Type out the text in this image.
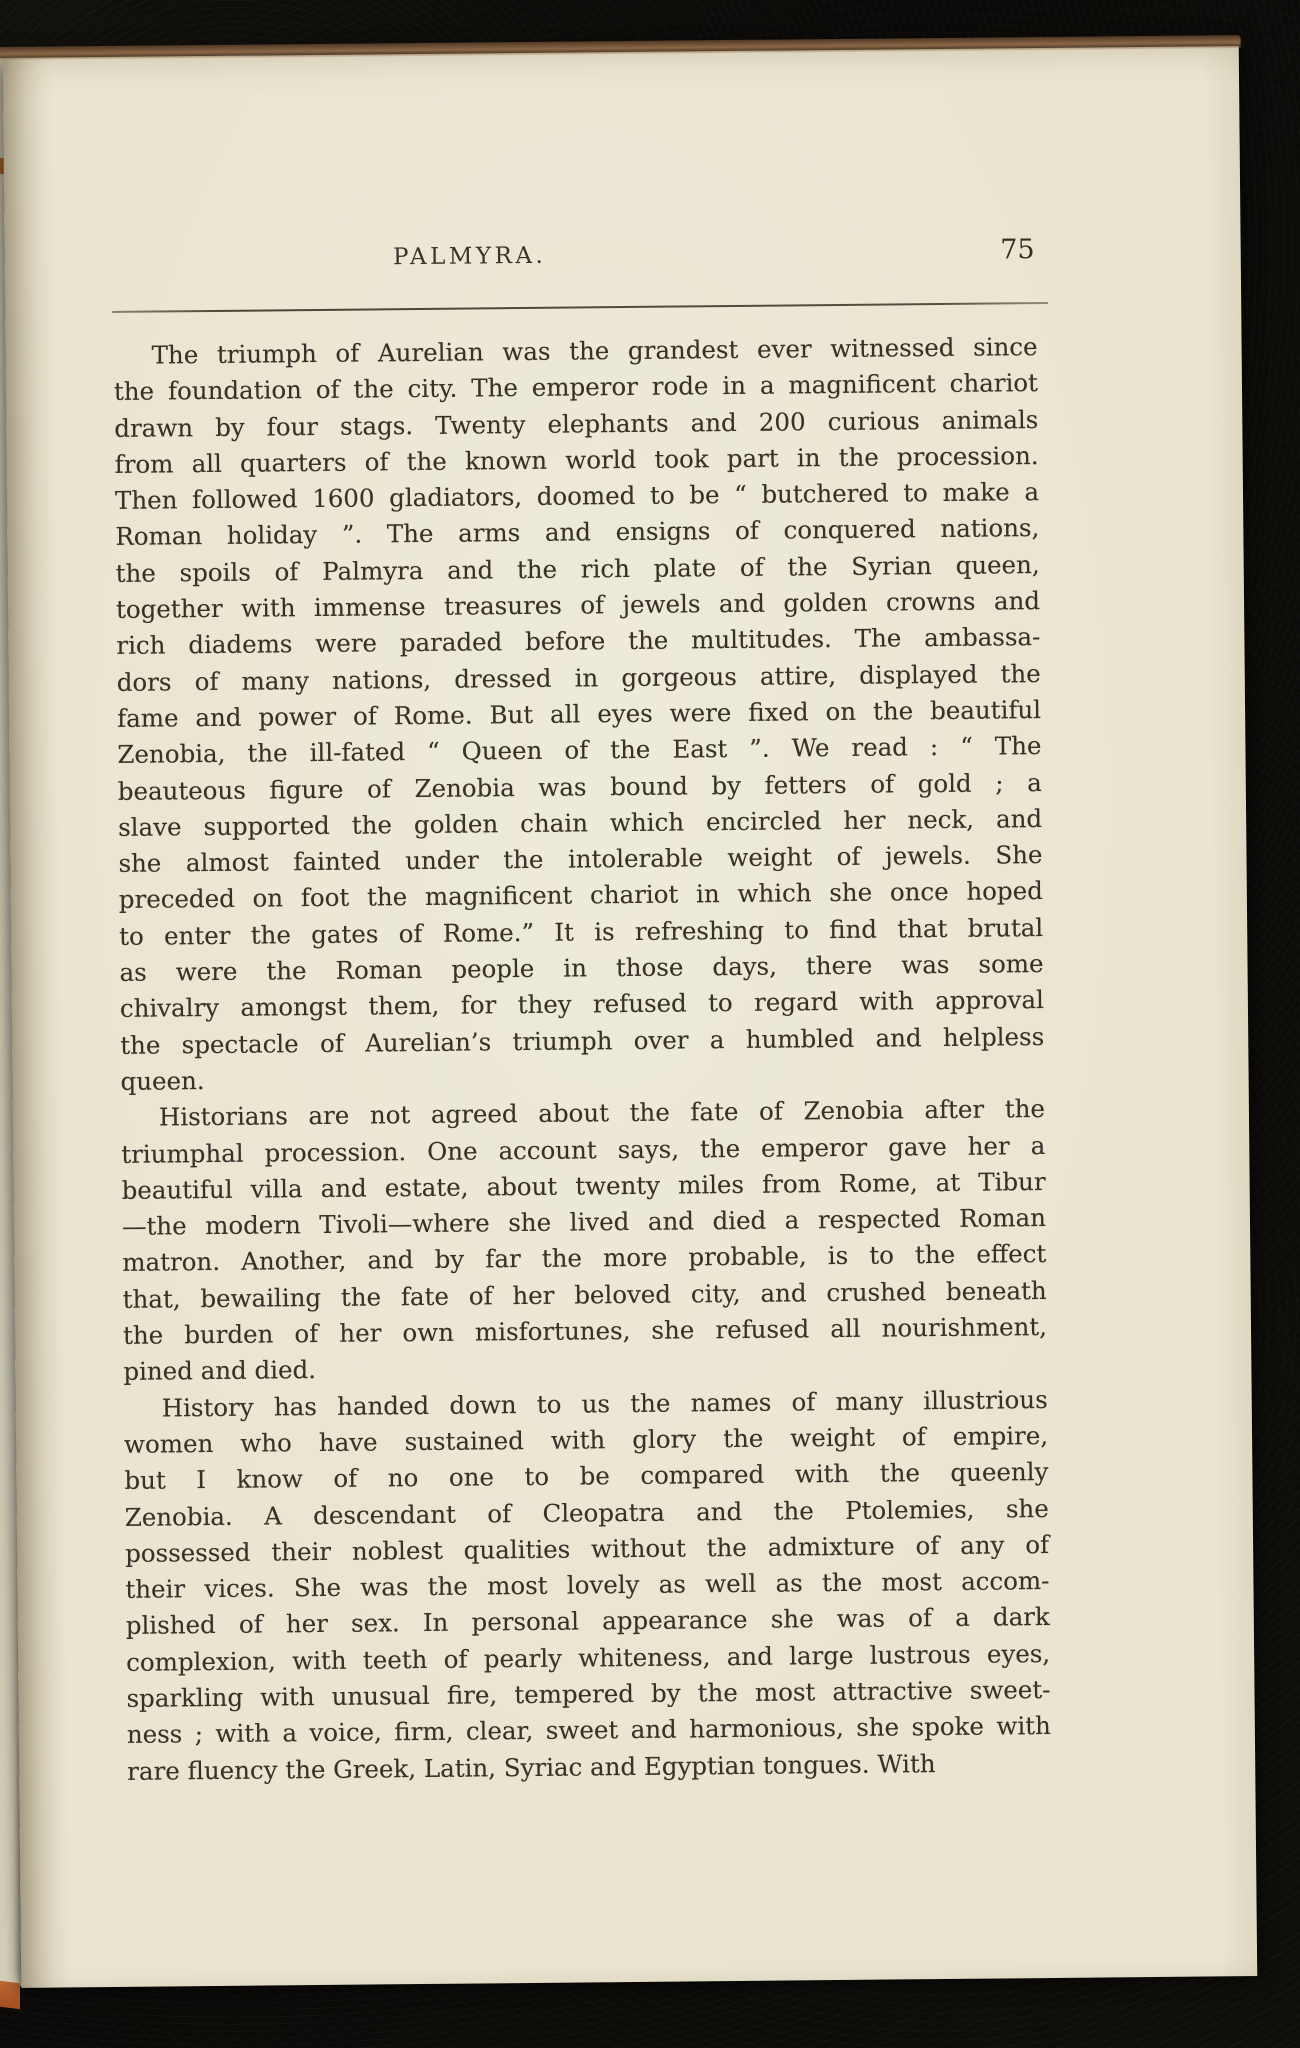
PALMYRA.	75
The triumph of Aurelian was the grandest ever witnessed since
the foundation of the city. The emperor rode in a magnificent chariot
drawn by four stags. Twenty elephants and 200 curious animals
from all quarters of the known world took part in the procession.
Then followed 1600 gladiators, doomed to be “ butchered to make a
Roman holiday ”. The arms and ensigns of conquered nations,
the spoils of Palmyra and the rich plate of the Syrian queen,
together with immense treasures of jewels and golden crowns and
rich diadems were paraded before the multitudes. The ambassa-
dors of many nations, dressed in gorgeous attire, displayed the
fame and power of Rome. But all eyes were fixed on the beautiful
Zenobia, the ill-fated “ Queen of the East ”. We read : “ The
beauteous figure of Zenobia was bound by fetters of gold ; a
slave supported the golden chain which encircled her neck, and
she almost fainted under the intolerable weight of jewels. She
preceded on foot the magnificent chariot in which she once hoped
to enter the gates of Rome.” It is refreshing to find that brutal
as were the Roman people in those days, there was some
chivalry amongst them, for they refused to regard with approval
the spectacle of Aurelian’s triumph over a humbled and helpless
queen.
Historians are not agreed about the fate of Zenobia after the
triumphal procession. One account says, the emperor gave her a
beautiful villa and estate, about twenty miles from Rome, at Tibur
—the modern Tivoli—where she lived and died a respected Roman
matron. Another, and by far the more probable, is to the effect
that, bewailing the fate of her beloved city, and crushed beneath
the burden of her own misfortunes, she refused all nourishment,
pined and died.
History has handed down to us the names of many illustrious
women who have sustained with glory the weight of empire,
but I know of no one to be compared with the queenly
Zenobia. A descendant of Cleopatra and the Ptolemies, she
possessed their noblest qualities without the admixture of any of
their vices. She was the most lovely as well as the most accom-
plished of her sex. In personal appearance she was of a dark
complexion, with teeth of pearly whiteness, and large lustrous eyes,
sparkling with unusual fire, tempered by the most attractive sweet-
ness ; with a voice, firm, clear, sweet and harmonious, she spoke with
rare fluency the Greek, Latin, Syriac and Egyptian tongues. With
